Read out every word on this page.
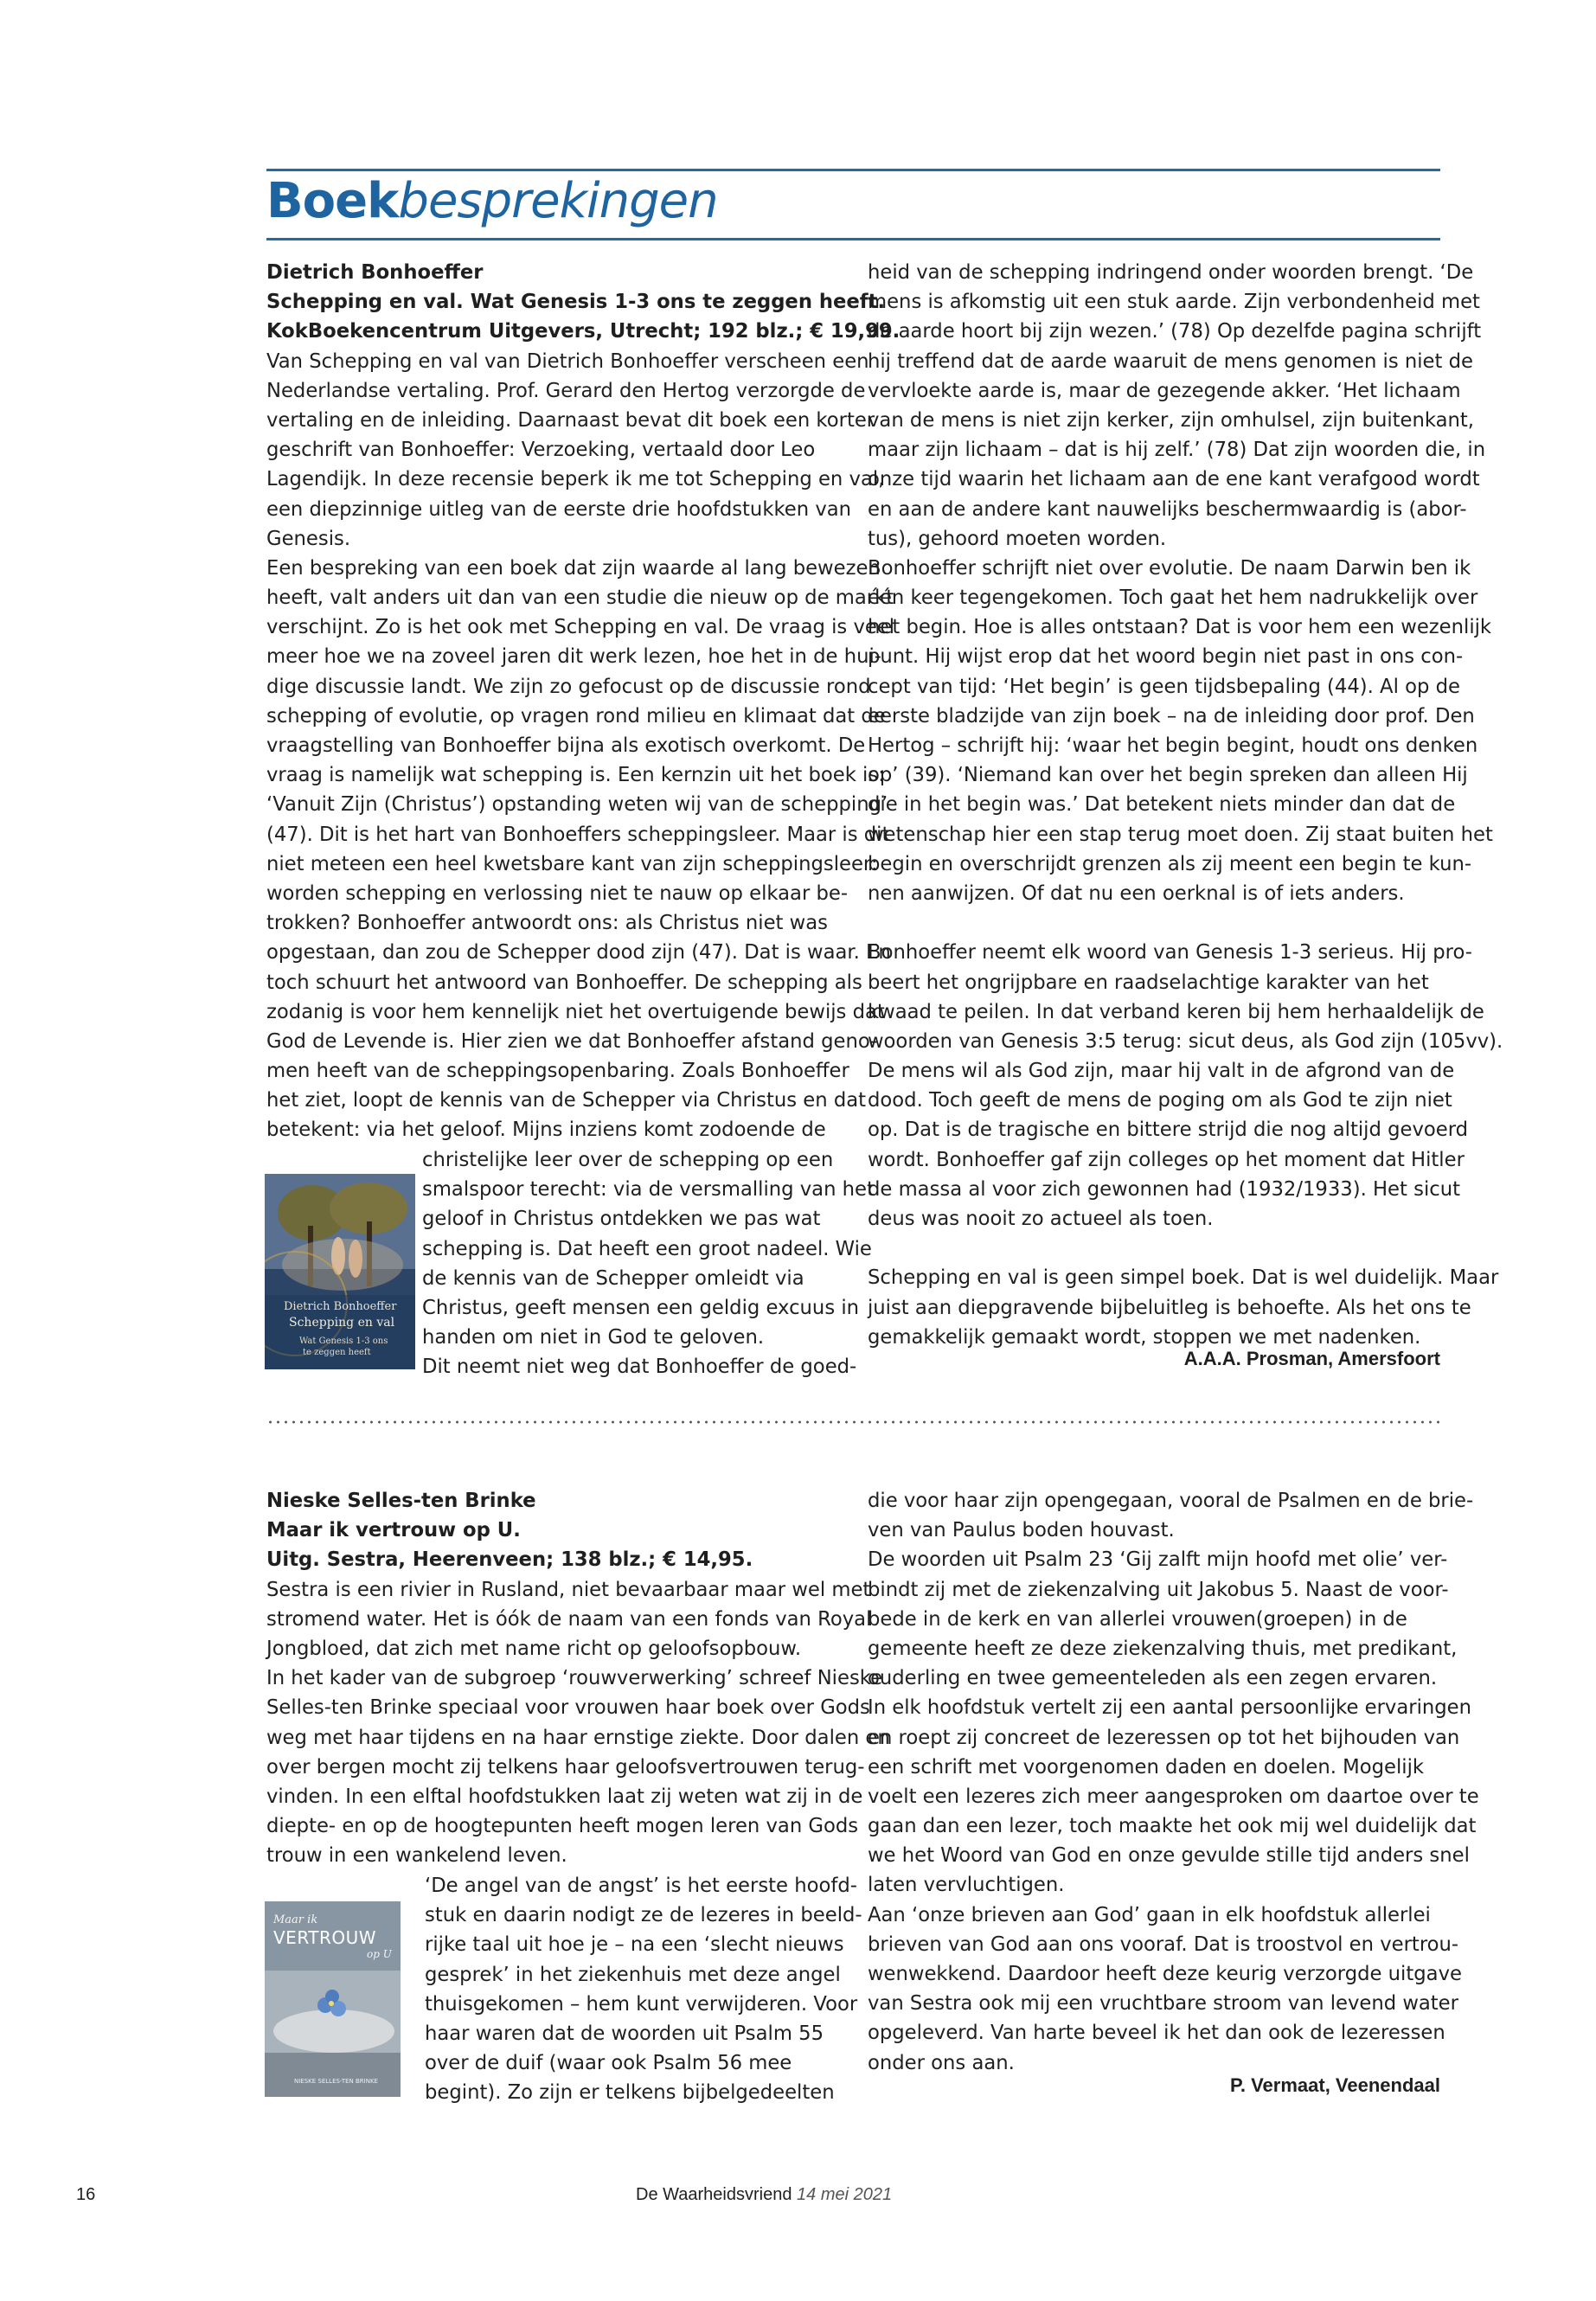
Boekbesprekingen
Dietrich Bonhoeffer
Schepping en val. Wat Genesis 1-3 ons te zeggen heeft.
KokBoekencentrum Uitgevers, Utrecht; 192 blz.; € 19,99.
Van Schepping en val van Dietrich Bonhoeffer verscheen een
Nederlandse vertaling. Prof. Gerard den Hertog verzorgde de
vertaling en de inleiding. Daarnaast bevat dit boek een korter
geschrift van Bonhoeffer: Verzoeking, vertaald door Leo
Lagendijk. In deze recensie beperk ik me tot Schepping en val,
een diepzinnige uitleg van de eerste drie hoofdstukken van
Genesis.
Een bespreking van een boek dat zijn waarde al lang bewezen
heeft, valt anders uit dan van een studie die nieuw op de markt
verschijnt. Zo is het ook met Schepping en val. De vraag is veel
meer hoe we na zoveel jaren dit werk lezen, hoe het in de hui-
dige discussie landt. We zijn zo gefocust op de discussie rond
schepping of evolutie, op vragen rond milieu en klimaat dat de
vraagstelling van Bonhoeffer bijna als exotisch overkomt. De
vraag is namelijk wat schepping is. Een kernzin uit het boek is:
‘Vanuit Zijn (Christus’) opstanding weten wij van de schepping’
(47). Dit is het hart van Bonhoeffers scheppingsleer. Maar is dit
niet meteen een heel kwetsbare kant van zijn scheppingsleer:
worden schepping en verlossing niet te nauw op elkaar be-
trokken? Bonhoeffer antwoordt ons: als Christus niet was
opgestaan, dan zou de Schepper dood zijn (47). Dat is waar. En
toch schuurt het antwoord van Bonhoeffer. De schepping als
zodanig is voor hem kennelijk niet het overtuigende bewijs dat
God de Levende is. Hier zien we dat Bonhoeffer afstand geno-
men heeft van de scheppingsopenbaring. Zoals Bonhoeffer
het ziet, loopt de kennis van de Schepper via Christus en dat
betekent: via het geloof. Mijns inziens komt zodoende de
christelijke leer over de schepping op een
smalspoor terecht: via de versmalling van het
geloof in Christus ontdekken we pas wat
schepping is. Dat heeft een groot nadeel. Wie
de kennis van de Schepper omleidt via
Christus, geeft mensen een geldig excuus in
handen om niet in God te geloven.
Dit neemt niet weg dat Bonhoeffer de goed-
heid van de schepping indringend onder woorden brengt. ‘De
mens is afkomstig uit een stuk aarde. Zijn verbondenheid met
de aarde hoort bij zijn wezen.’ (78) Op dezelfde pagina schrijft
hij treffend dat de aarde waaruit de mens genomen is niet de
vervloekte aarde is, maar de gezegende akker. ‘Het lichaam
van de mens is niet zijn kerker, zijn omhulsel, zijn buitenkant,
maar zijn lichaam – dat is hij zelf.’ (78) Dat zijn woorden die, in
onze tijd waarin het lichaam aan de ene kant verafgood wordt
en aan de andere kant nauwelijks beschermwaardig is (abor-
tus), gehoord moeten worden.
Bonhoeffer schrijft niet over evolutie. De naam Darwin ben ik
één keer tegengekomen. Toch gaat het hem nadrukkelijk over
het begin. Hoe is alles ontstaan? Dat is voor hem een wezenlijk
punt. Hij wijst erop dat het woord begin niet past in ons con-
cept van tijd: ‘Het begin’ is geen tijdsbepaling (44). Al op de
eerste bladzijde van zijn boek – na de inleiding door prof. Den
Hertog – schrijft hij: ‘waar het begin begint, houdt ons denken
op’ (39). ‘Niemand kan over het begin spreken dan alleen Hij
die in het begin was.’ Dat betekent niets minder dan dat de
wetenschap hier een stap terug moet doen. Zij staat buiten het
begin en overschrijdt grenzen als zij meent een begin te kun-
nen aanwijzen. Of dat nu een oerknal is of iets anders.

Bonhoeffer neemt elk woord van Genesis 1-3 serieus. Hij pro-
beert het ongrijpbare en raadselachtige karakter van het
kwaad te peilen. In dat verband keren bij hem herhaaldelijk de
woorden van Genesis 3:5 terug: sicut deus, als God zijn (105vv).
De mens wil als God zijn, maar hij valt in de afgrond van de
dood. Toch geeft de mens de poging om als God te zijn niet
op. Dat is de tragische en bittere strijd die nog altijd gevoerd
wordt. Bonhoeffer gaf zijn colleges op het moment dat Hitler
de massa al voor zich gewonnen had (1932/1933). Het sicut
deus was nooit zo actueel als toen.

Schepping en val is geen simpel boek. Dat is wel duidelijk. Maar
juist aan diepgravende bijbeluitleg is behoefte. Als het ons te
gemakkelijk gemaakt wordt, stoppen we met nadenken.
A.A.A. Prosman, Amersfoort
Dietrich Bonhoeffer
Schepping en val
Wat Genesis 1-3 ons
te zeggen heeft
Nieske Selles-ten Brinke
Maar ik vertrouw op U.
Uitg. Sestra, Heerenveen; 138 blz.; € 14,95.
Sestra is een rivier in Rusland, niet bevaarbaar maar wel met
stromend water. Het is óók de naam van een fonds van Royal
Jongbloed, dat zich met name richt op geloofsopbouw.
In het kader van de subgroep ‘rouwverwerking’ schreef Nieske
Selles-ten Brinke speciaal voor vrouwen haar boek over Gods
weg met haar tijdens en na haar ernstige ziekte. Door dalen en
over bergen mocht zij telkens haar geloofsvertrouwen terug-
vinden. In een elftal hoofdstukken laat zij weten wat zij in de
diepte- en op de hoogtepunten heeft mogen leren van Gods
trouw in een wankelend leven.
‘De angel van de angst’ is het eerste hoofd-
stuk en daarin nodigt ze de lezeres in beeld-
rijke taal uit hoe je – na een ‘slecht nieuws
gesprek’ in het ziekenhuis met deze angel
thuisgekomen – hem kunt verwijderen. Voor
haar waren dat de woorden uit Psalm 55
over de duif (waar ook Psalm 56 mee
begint). Zo zijn er telkens bijbelgedeelten
die voor haar zijn opengegaan, vooral de Psalmen en de brie-
ven van Paulus boden houvast.
De woorden uit Psalm 23 ‘Gij zalft mijn hoofd met olie’ ver-
bindt zij met de ziekenzalving uit Jakobus 5. Naast de voor-
bede in de kerk en van allerlei vrouwen(groepen) in de
gemeente heeft ze deze ziekenzalving thuis, met predikant,
ouderling en twee gemeenteleden als een zegen ervaren.
In elk hoofdstuk vertelt zij een aantal persoonlijke ervaringen
en roept zij concreet de lezeressen op tot het bijhouden van
een schrift met voorgenomen daden en doelen. Mogelijk
voelt een lezeres zich meer aangesproken om daartoe over te
gaan dan een lezer, toch maakte het ook mij wel duidelijk dat
we het Woord van God en onze gevulde stille tijd anders snel
laten vervluchtigen.
Aan ‘onze brieven aan God’ gaan in elk hoofdstuk allerlei
brieven van God aan ons vooraf. Dat is troostvol en vertrou-
wenwekkend. Daardoor heeft deze keurig verzorgde uitgave
van Sestra ook mij een vruchtbare stroom van levend water
opgeleverd. Van harte beveel ik het dan ook de lezeressen
onder ons aan.
P. Vermaat, Veenendaal
Maar ik
VERTROUW
op U
NIESKE SELLES-TEN BRINKE
16	De Waarheidsvriend 14 mei 2021
